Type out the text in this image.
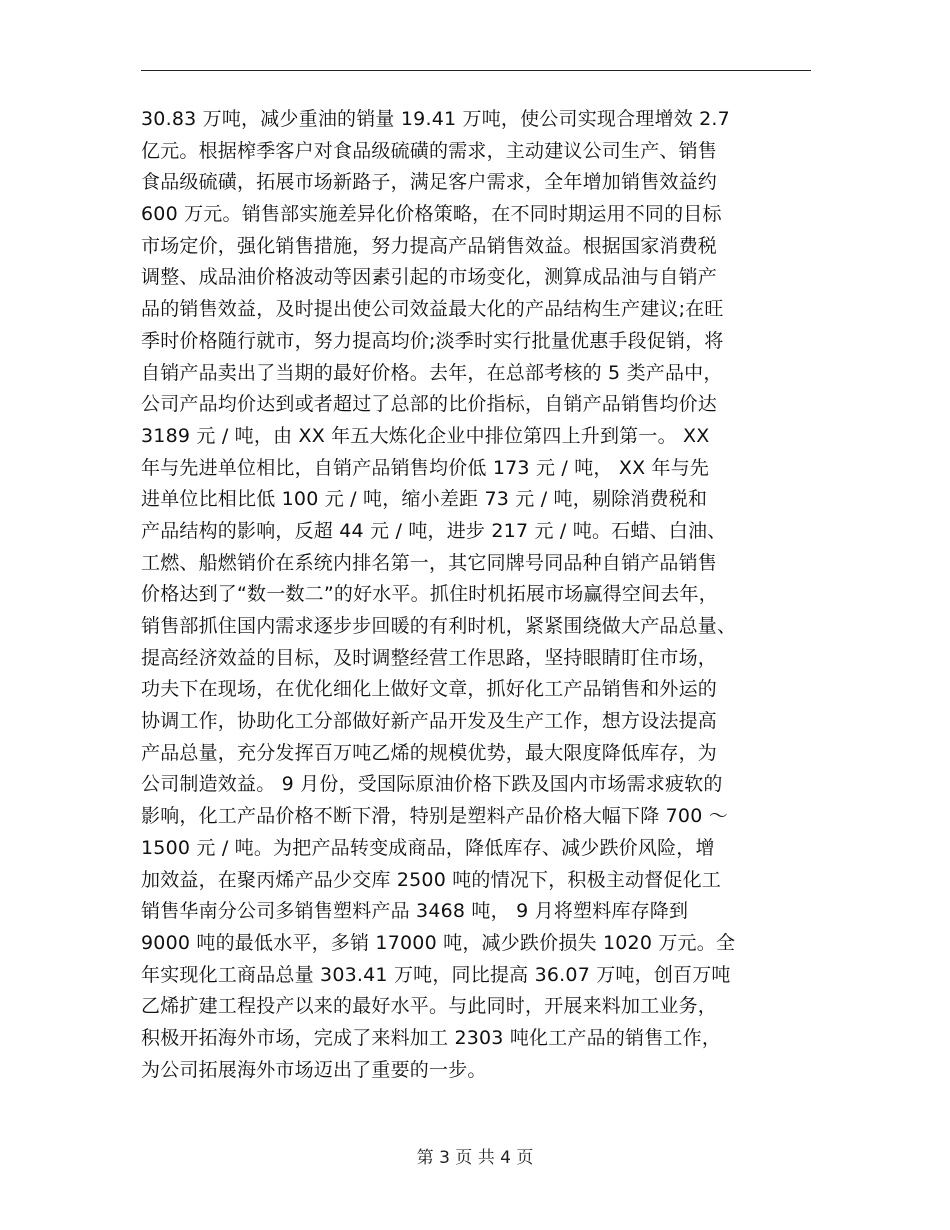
30.83 万吨，减少重油的销量 19.41 万吨，使公司实现合理增效 2.7
亿元。根据榨季客户对食品级硫磺的需求，主动建议公司生产、销售
食品级硫磺，拓展市场新路子，满足客户需求，全年增加销售效益约
600 万元。销售部实施差异化价格策略，在不同时期运用不同的目标
市场定价，强化销售措施，努力提高产品销售效益。根据国家消费税
调整、成品油价格波动等因素引起的市场变化，测算成品油与自销产
品的销售效益，及时提出使公司效益最大化的产品结构生产建议;在旺
季时价格随行就市，努力提高均价;淡季时实行批量优惠手段促销，将
自销产品卖出了当期的最好价格。去年，在总部考核的 5 类产品中，
公司产品均价达到或者超过了总部的比价指标，自销产品销售均价达
3189 元 / 吨，由 XX 年五大炼化企业中排位第四上升到第一。 XX
年与先进单位相比，自销产品销售均价低 173 元 / 吨， XX 年与先
进单位比相比低 100 元 / 吨，缩小差距 73 元 / 吨，剔除消费税和
产品结构的影响，反超 44 元 / 吨，进步 217 元 / 吨。石蜡、白油、
工燃、船燃销价在系统内排名第一，其它同牌号同品种自销产品销售
价格达到了“数一数二”的好水平。抓住时机拓展市场赢得空间去年，
销售部抓住国内需求逐步步回暖的有利时机，紧紧围绕做大产品总量、
提高经济效益的目标，及时调整经营工作思路，坚持眼睛盯住市场，
功夫下在现场，在优化细化上做好文章，抓好化工产品销售和外运的
协调工作，协助化工分部做好新产品开发及生产工作，想方设法提高
产品总量，充分发挥百万吨乙烯的规模优势，最大限度降低库存，为
公司制造效益。 9 月份，受国际原油价格下跌及国内市场需求疲软的
影响，化工产品价格不断下滑，特别是塑料产品价格大幅下降 700 ～
1500 元 / 吨。为把产品转变成商品，降低库存、减少跌价风险，增
加效益，在聚丙烯产品少交库 2500 吨的情况下，积极主动督促化工
销售华南分公司多销售塑料产品 3468 吨， 9 月将塑料库存降到
9000 吨的最低水平，多销 17000 吨，减少跌价损失 1020 万元。全
年实现化工商品总量 303.41 万吨，同比提高 36.07 万吨，创百万吨
乙烯扩建工程投产以来的最好水平。与此同时，开展来料加工业务，
积极开拓海外市场，完成了来料加工 2303 吨化工产品的销售工作，
为公司拓展海外市场迈出了重要的一步。
第 3 页 共 4 页
